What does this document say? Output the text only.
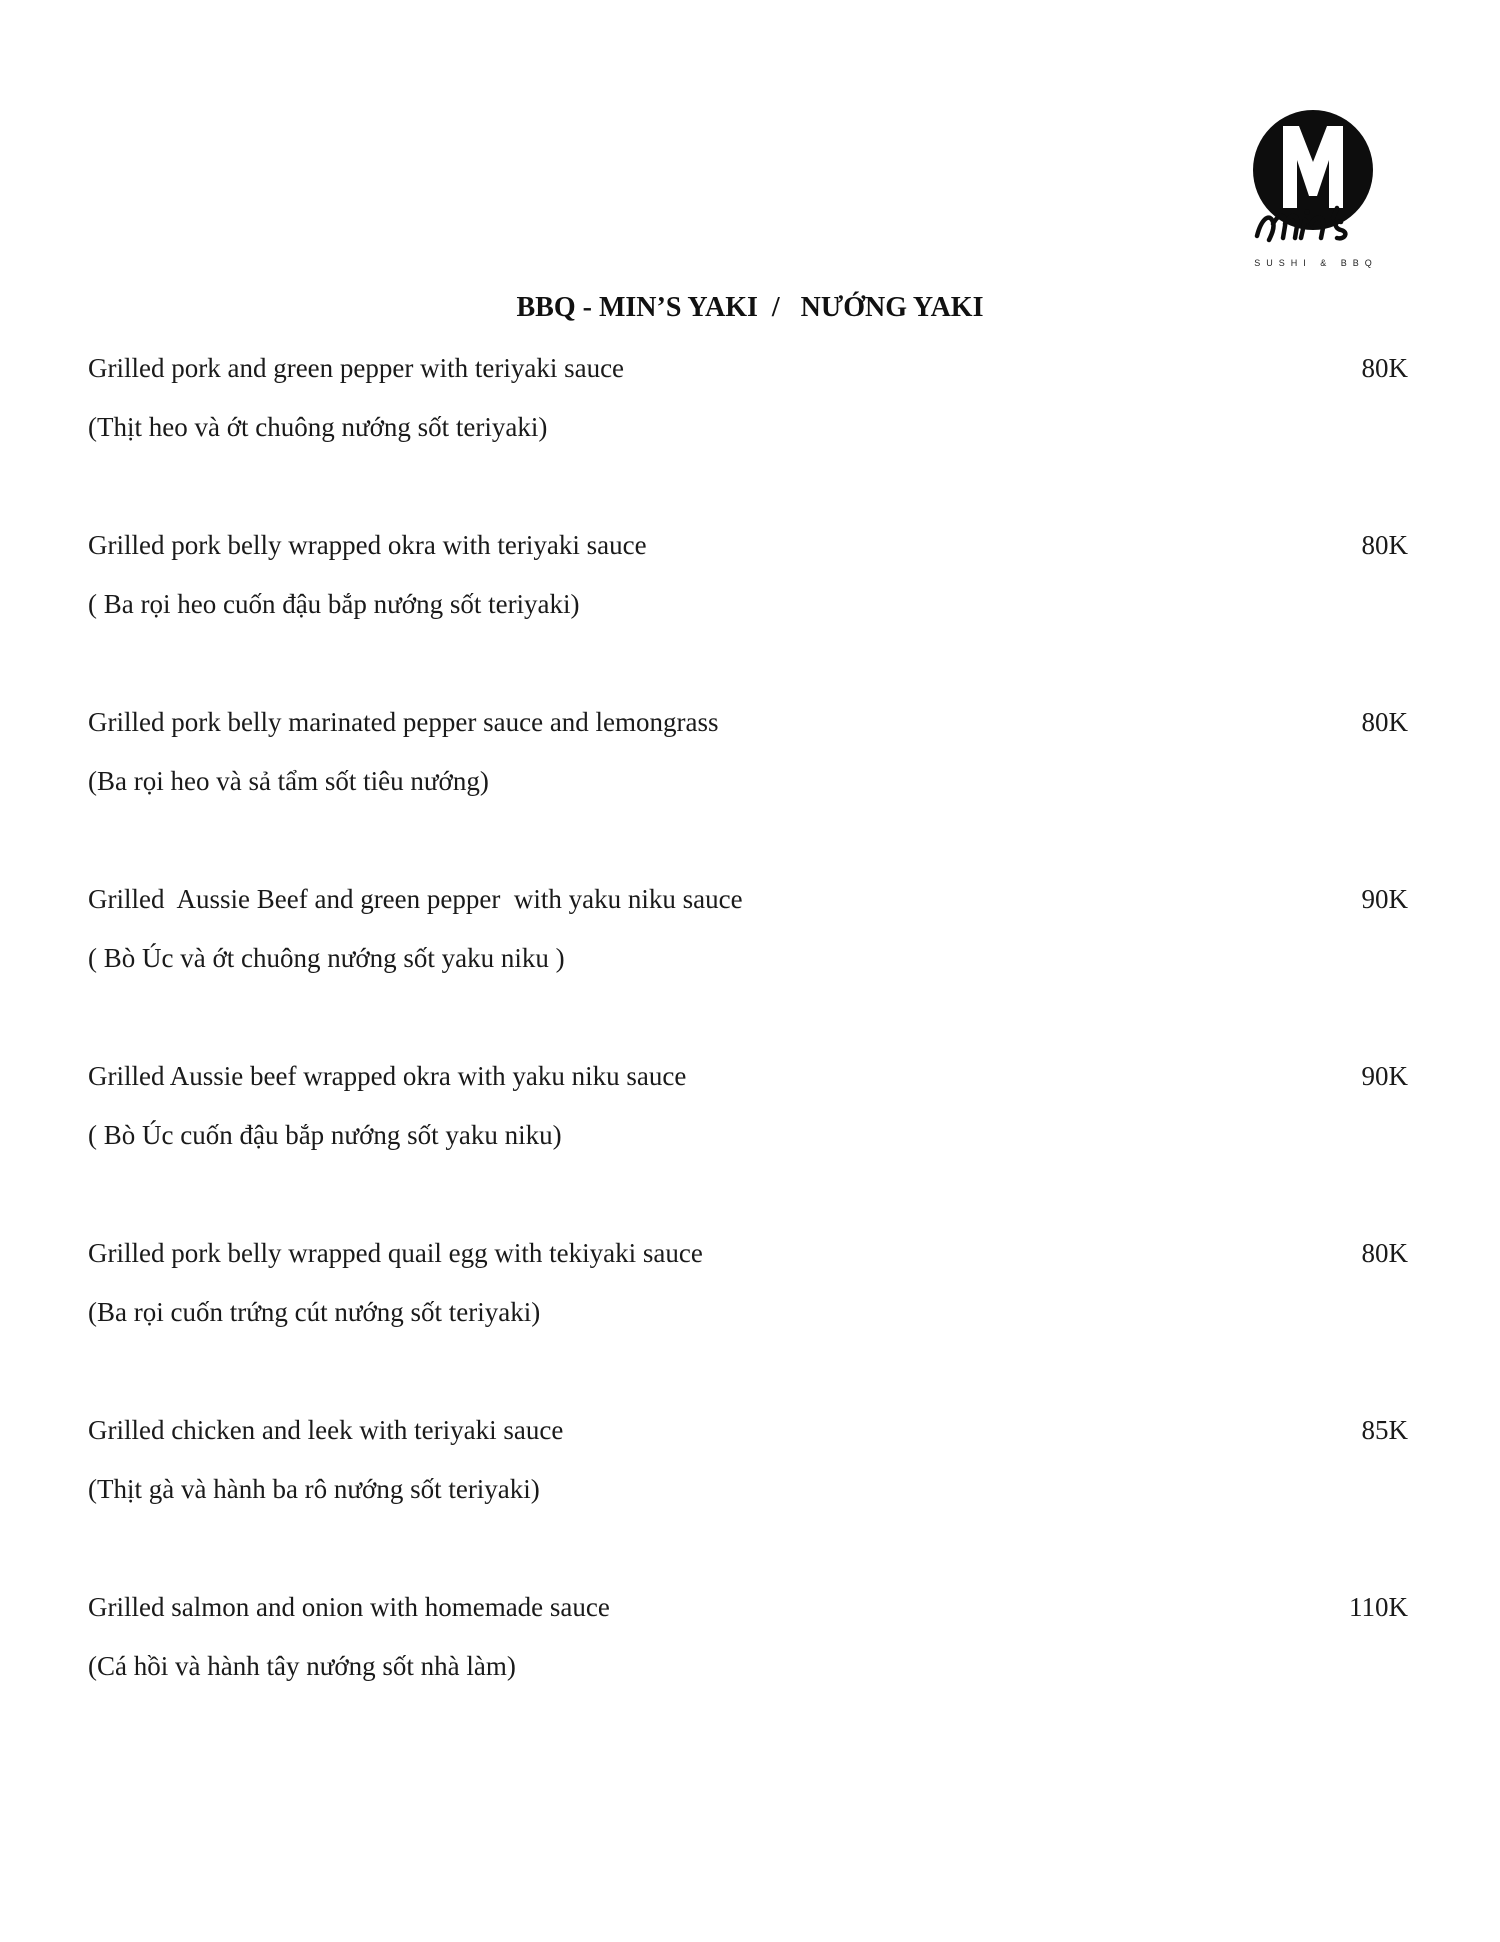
SUSHI & BBQ
BBQ - MIN’S YAKI  /   NƯỚNG YAKI
Grilled pork and green pepper with teriyaki sauce	80K
(Thịt heo và ớt chuông nướng sốt teriyaki)
Grilled pork belly wrapped okra with teriyaki sauce	80K
( Ba rọi heo cuốn đậu bắp nướng sốt teriyaki)
Grilled pork belly marinated pepper sauce and lemongrass	80K
(Ba rọi heo và sả tẩm sốt tiêu nướng)
Grilled  Aussie Beef and green pepper  with yaku niku sauce	90K
( Bò Úc và ớt chuông nướng sốt yaku niku )
Grilled Aussie beef wrapped okra with yaku niku sauce	90K
( Bò Úc cuốn đậu bắp nướng sốt yaku niku)
Grilled pork belly wrapped quail egg with tekiyaki sauce	80K
(Ba rọi cuốn trứng cút nướng sốt teriyaki)
Grilled chicken and leek with teriyaki sauce	85K
(Thịt gà và hành ba rô nướng sốt teriyaki)
Grilled salmon and onion with homemade sauce	110K
(Cá hồi và hành tây nướng sốt nhà làm)
